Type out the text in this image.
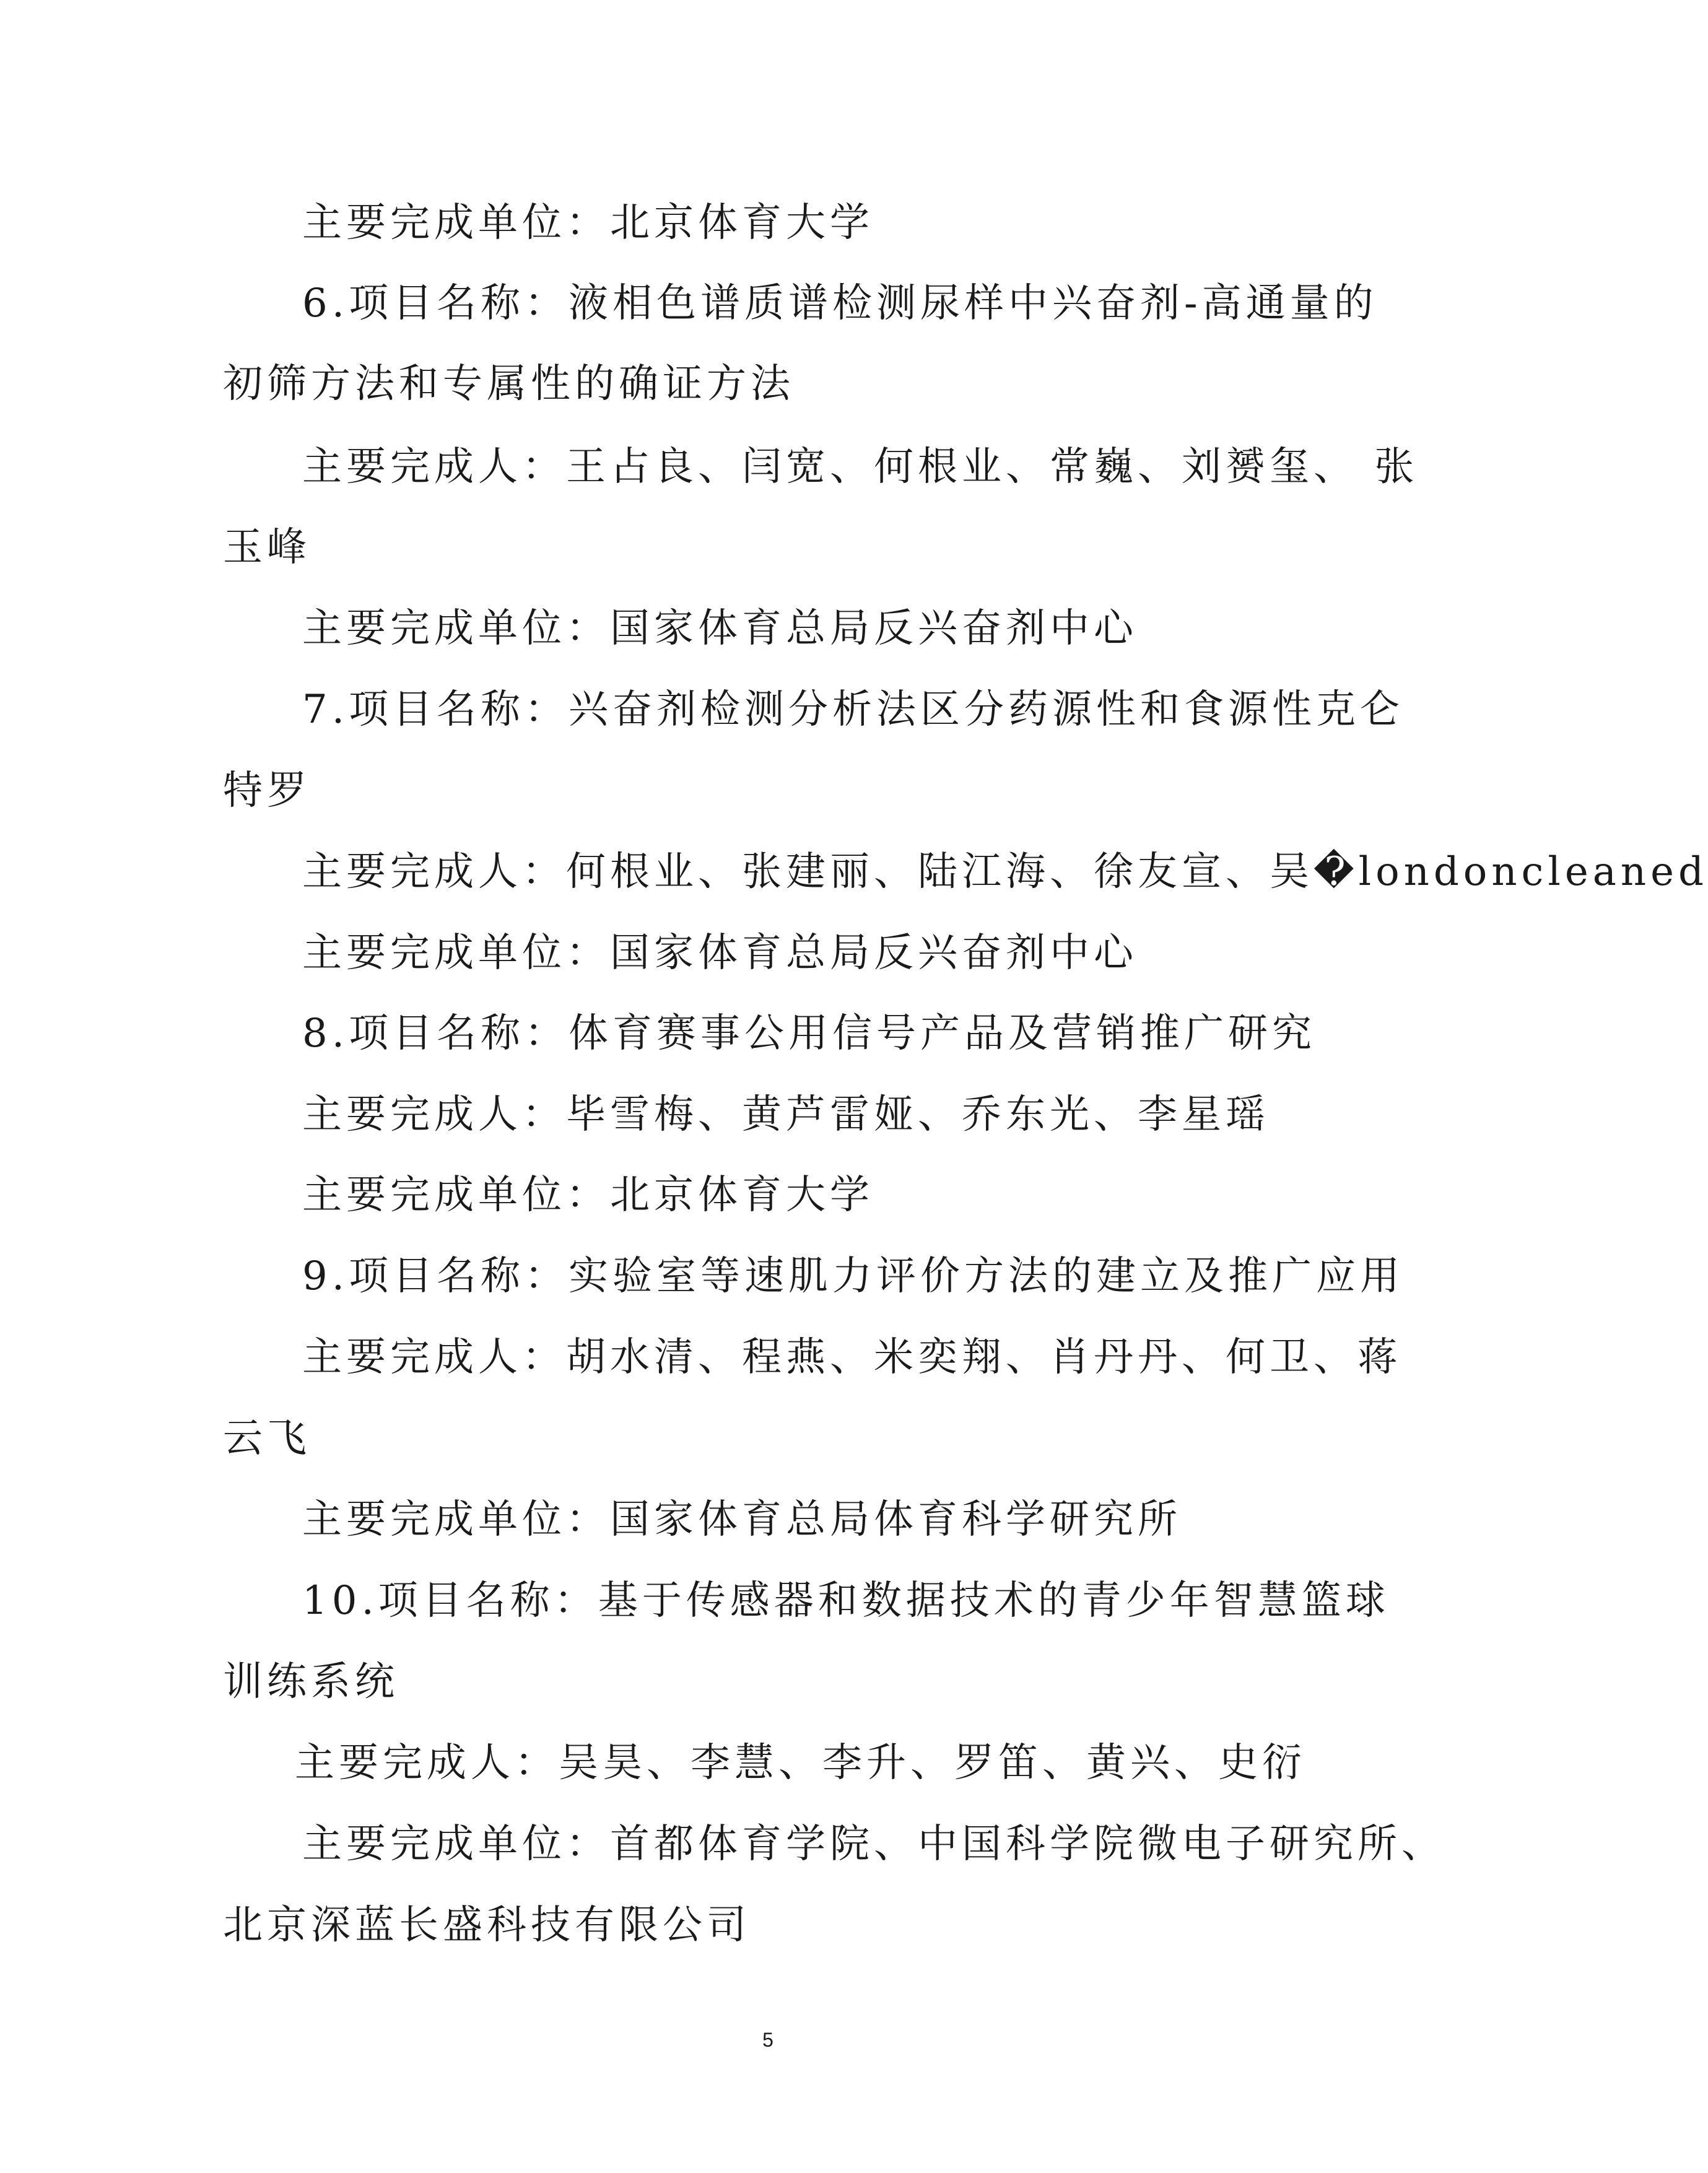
主要完成单位：北京体育大学
6.项目名称：液相色谱质谱检测尿样中兴奋剂-高通量的
初筛方法和专属性的确证方法
主要完成人：王占良、闫宽、何根业、常巍、刘赟玺、 张
玉峰
主要完成单位：国家体育总局反兴奋剂中心
7.项目名称：兴奋剂检测分析法区分药源性和食源性克仑
特罗
主要完成人：何根业、张建丽、陆江海、徐友宣、吴�londoncleaned
主要完成单位：国家体育总局反兴奋剂中心
8.项目名称：体育赛事公用信号产品及营销推广研究
主要完成人：毕雪梅、黄芦雷娅、乔东光、李星瑶
主要完成单位：北京体育大学
9.项目名称：实验室等速肌力评价方法的建立及推广应用
主要完成人：胡水清、程燕、米奕翔、肖丹丹、何卫、蒋
云飞
主要完成单位：国家体育总局体育科学研究所
10.项目名称：基于传感器和数据技术的青少年智慧篮球
训练系统
主要完成人：吴昊、李慧、李升、罗笛、黄兴、史衍
主要完成单位：首都体育学院、中国科学院微电子研究所、
北京深蓝长盛科技有限公司
5
